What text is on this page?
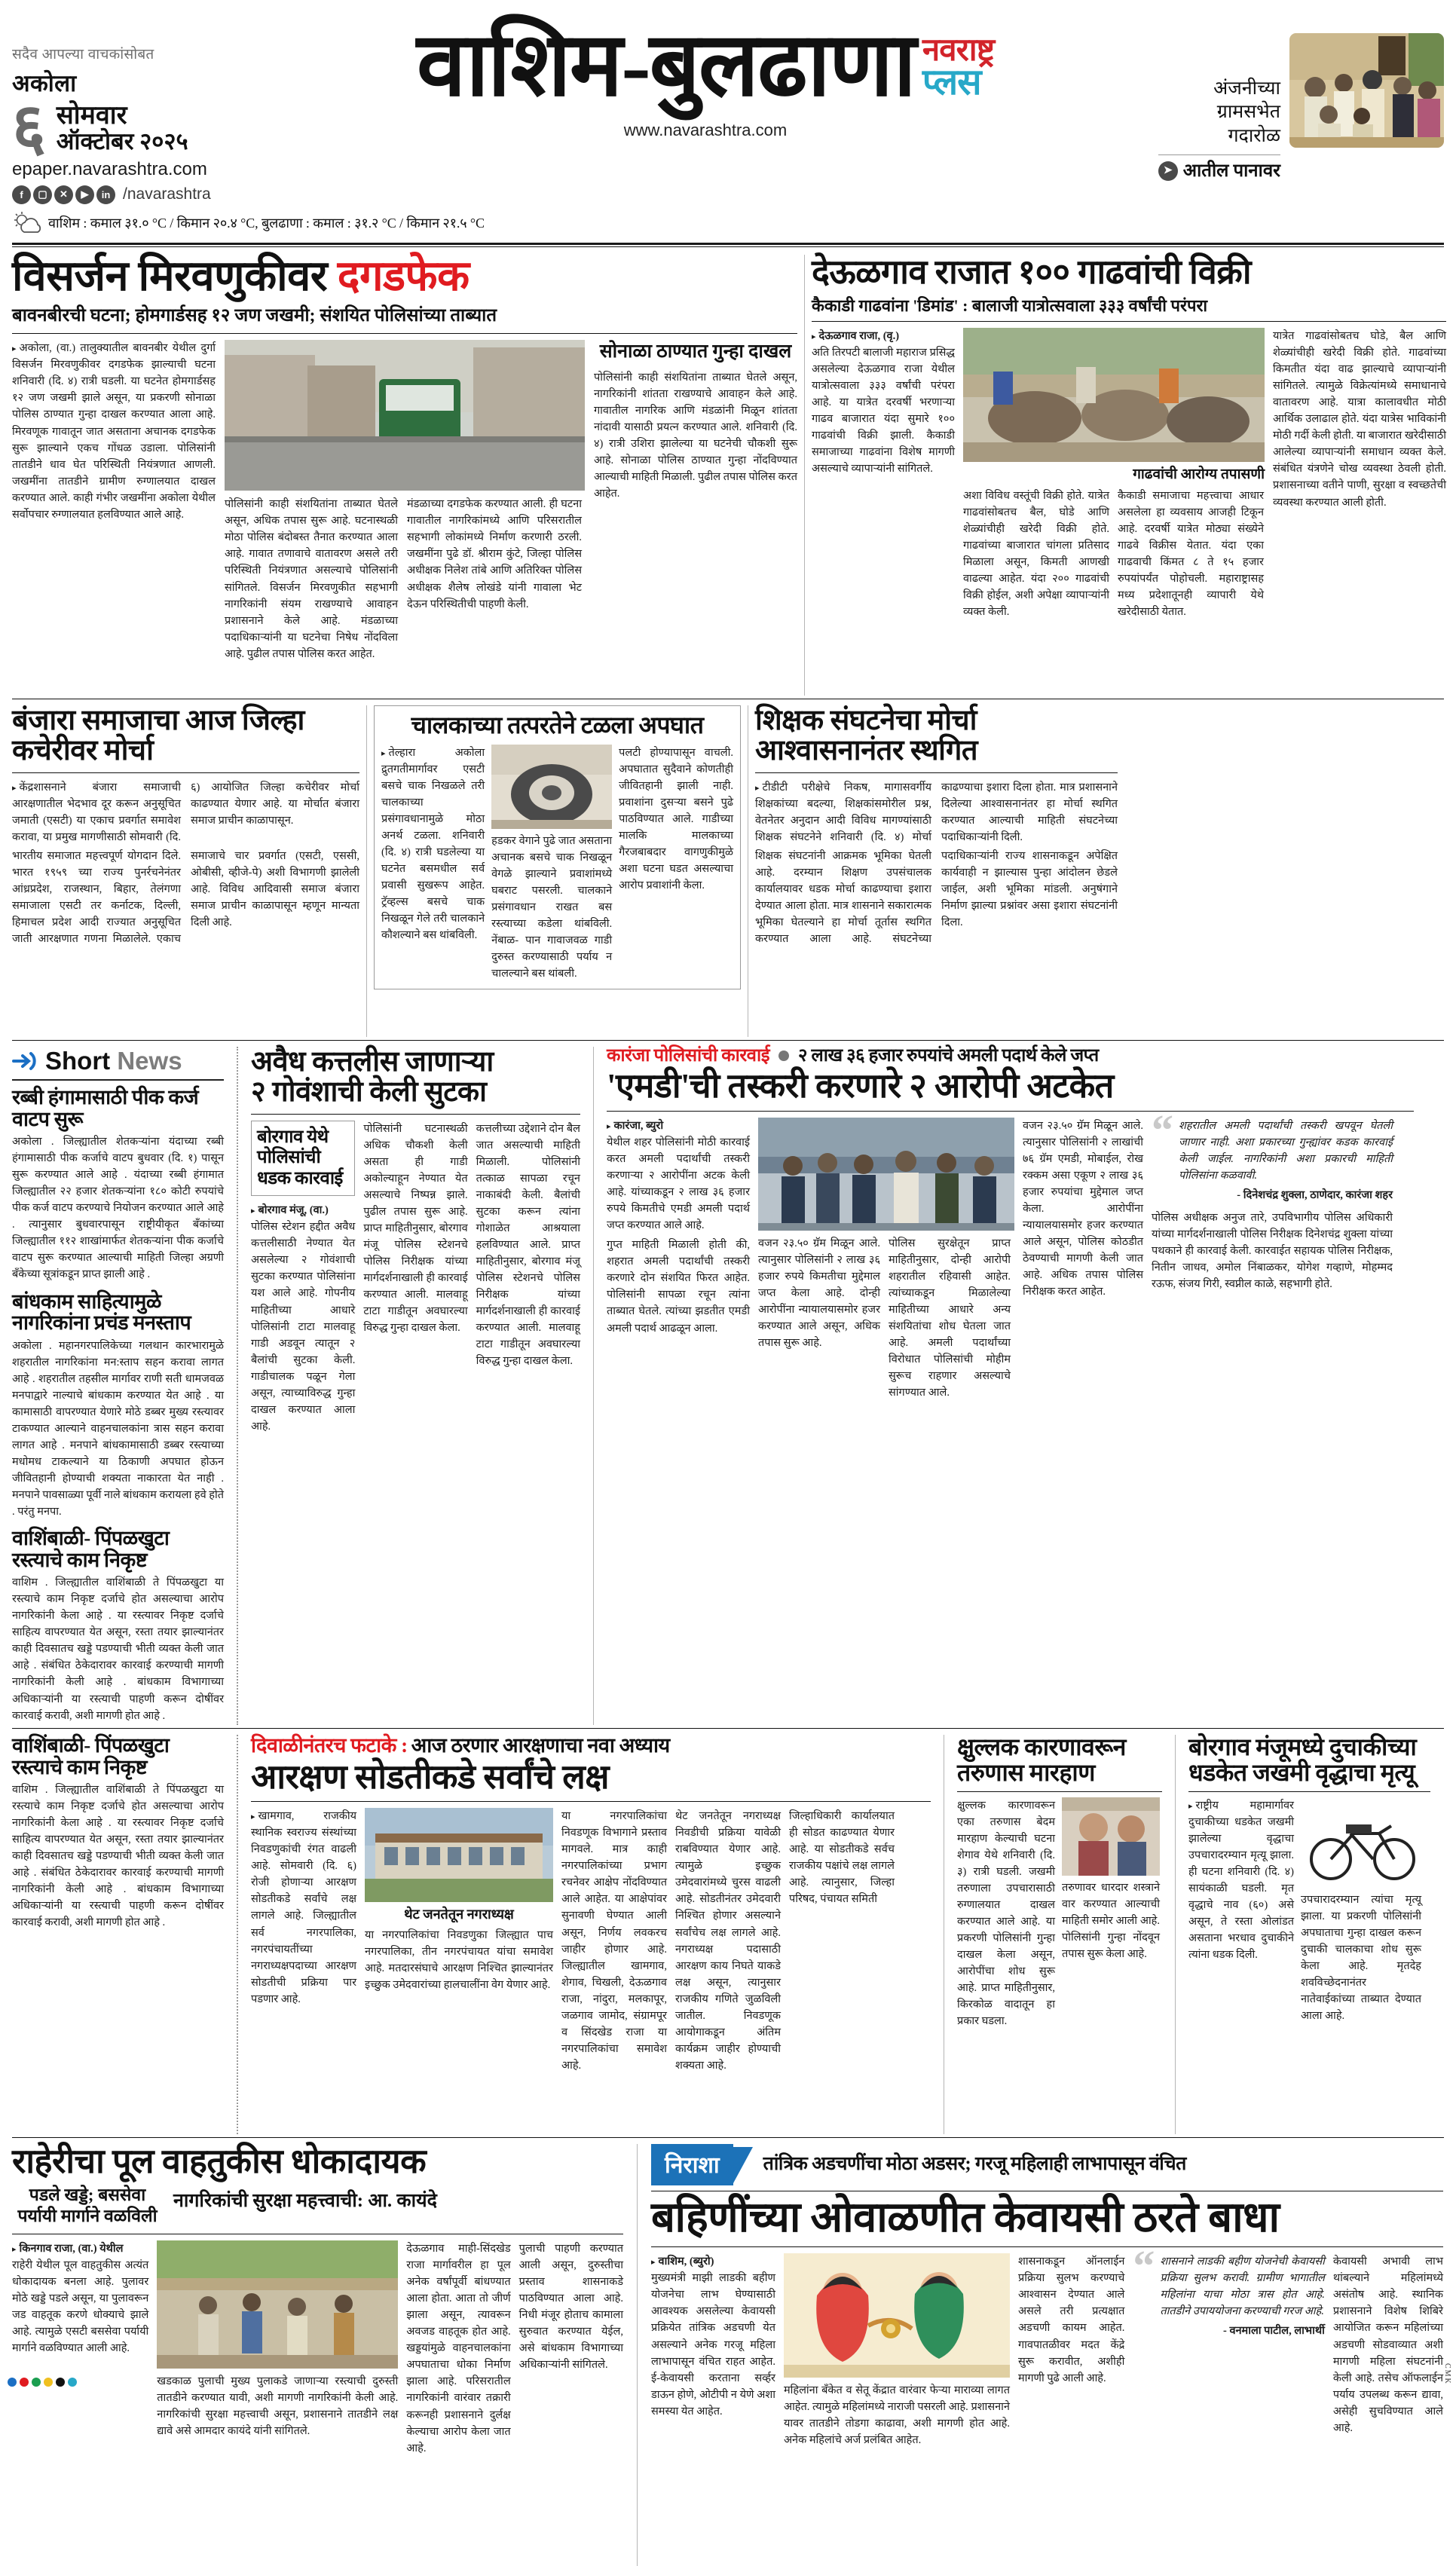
सदैव आपल्या वाचकांसोबत
अकोला
६ सोमवार
ऑक्टोबर २०२५
epaper.navarashtra.com
f	▢	✕	▶	in /navarashtra
वाशिम : कमाल ३१.० °C / किमान २०.४ °C, बुलढाणा : कमाल : ३१.२ °C / किमान २१.५ °C
वाशिम-बुलढाणा नवराष्ट्र
प्लस
www.navarashtra.com
अंजनीच्या
ग्रामसभेत
गदारोळ
➤ आतील पानावर
विसर्जन मिरवणुकीवर दगडफेक
बावनबीरची घटना; होमगार्डसह १२ जण जखमी; संशयित पोलिसांच्या ताब्यात
▸ अकोला, (वा.) तालुक्यातील बावनबीर येथील दुर्गा विसर्जन मिरवणुकीवर दगडफेक झाल्याची घटना शनिवारी (दि. ४) रात्री घडली. या घटनेत होमगार्डसह १२ जण जखमी झाले असून, या प्रकरणी सोनाळा पोलिस ठाण्यात गुन्हा दाखल करण्यात आला आहे. मिरवणूक गावातून जात असताना अचानक दगडफेक सुरू झाल्याने एकच गोंधळ उडाला. पोलिसांनी तातडीने धाव घेत परिस्थिती नियंत्रणात आणली. जखमींना तातडीने ग्रामीण रुग्णालयात दाखल करण्यात आले. काही गंभीर जखमींना अकोला येथील सर्वोपचार रुग्णालयात हलविण्यात आले आहे.
पोलिसांनी काही संशयितांना ताब्यात घेतले असून, अधिक तपास सुरू आहे. घटनास्थळी मोठा पोलिस बंदोबस्त तैनात करण्यात आला आहे. गावात तणावाचे वातावरण असले तरी परिस्थिती नियंत्रणात असल्याचे पोलिसांनी सांगितले. विसर्जन मिरवणुकीत सहभागी नागरिकांनी संयम राखण्याचे आवाहन प्रशासनाने केले आहे. मंडळाच्या पदाधिकाऱ्यांनी या घटनेचा निषेध नोंदविला आहे. पुढील तपास पोलिस करत आहेत.
मंडळाच्या दगडफेक करण्यात आली. ही घटना गावातील नागरिकांमध्ये आणि परिसरातील सहभागी लोकांमध्ये निर्माण करणारी ठरली. जखमींना पुढे डॉ. श्रीराम कुंटे, जिल्हा पोलिस अधीक्षक निलेश तांबे आणि अतिरिक्त पोलिस अधीक्षक शैलेष लोखंडे यांनी गावाला भेट देऊन परिस्थितीची पाहणी केली.
सोनाळा ठाण्यात गुन्हा दाखल
पोलिसांनी काही संशयितांना ताब्यात घेतले असून, नागरिकांनी शांतता राखण्याचे आवाहन केले आहे. गावातील नागरिक आणि मंडळांनी मिळून शांतता नांदावी यासाठी प्रयत्न करण्यात आले. शनिवारी (दि. ४) रात्री उशिरा झालेल्या या घटनेची चौकशी सुरू आहे. सोनाळा पोलिस ठाण्यात गुन्हा नोंदविण्यात आल्याची माहिती मिळाली. पुढील तपास पोलिस करत आहेत.
देऊळगाव राजात १०० गाढवांची विक्री
कैकाडी गाढवांना 'डिमांड' : बालाजी यात्रोत्सवाला ३३३ वर्षांची परंपरा
▸ देऊळगाव राजा, (वृ.)
अति तिरपटी बालाजी महाराज प्रसिद्ध असलेल्या देऊळगाव राजा येथील यात्रोत्सवाला ३३३ वर्षांची परंपरा आहे. या यात्रेत दरवर्षी भरणाऱ्या गाढव बाजारात यंदा सुमारे १०० गाढवांची विक्री झाली. कैकाडी समाजाच्या गाढवांना विशेष मागणी असल्याचे व्यापाऱ्यांनी सांगितले.	गाढवांची आरोग्य तपासणी
अशा विविध वस्तूंची विक्री होते. यात्रेत गाढवांसोबतच बैल, घोडे आणि शेळ्यांचीही खरेदी विक्री होते. गाढवांच्या बाजारात चांगला प्रतिसाद मिळाला असून, किमती आणखी वाढल्या आहेत. यंदा २०० गाढवांची विक्री होईल, अशी अपेक्षा व्यापाऱ्यांनी व्यक्त केली.
कैकाडी समाजाचा महत्त्वाचा आधार असलेला हा व्यवसाय आजही टिकून आहे. दरवर्षी यात्रेत मोठ्या संख्येने गाढवे विक्रीस येतात. यंदा एका गाढवाची किंमत ८ ते १५ हजार रुपयांपर्यंत पोहोचली. महाराष्ट्रासह मध्य प्रदेशातूनही व्यापारी येथे खरेदीसाठी येतात.
यात्रेत गाढवांसोबतच घोडे, बैल आणि शेळ्यांचीही खरेदी विक्री होते. गाढवांच्या किमतीत यंदा वाढ झाल्याचे व्यापाऱ्यांनी सांगितले. त्यामुळे विक्रेत्यांमध्ये समाधानाचे वातावरण आहे. यात्रा कालावधीत मोठी आर्थिक उलाढाल होते. यंदा यात्रेस भाविकांनी मोठी गर्दी केली होती. या बाजारात खरेदीसाठी आलेल्या व्यापाऱ्यांनी समाधान व्यक्त केले. संबंधित यंत्रणेने चोख व्यवस्था ठेवली होती. प्रशासनाच्या वतीने पाणी, सुरक्षा व स्वच्छतेची व्यवस्था करण्यात आली होती.
बंजारा समाजाचा आज जिल्हा कचेरीवर मोर्चा
▸ केंद्रशासनाने बंजारा समाजाची आरक्षणातील भेदभाव दूर करून अनुसूचित जमाती (एसटी) या एकाच प्रवर्गात समावेश करावा, या प्रमुख मागणीसाठी सोमवारी (दि. ६) आयोजित जिल्हा कचेरीवर मोर्चा काढण्यात येणार आहे. या मोर्चात बंजारा समाज प्राचीन काळापासून.
भारतीय समाजात महत्त्वपूर्ण योगदान दिले. भारत १९५९ च्या राज्य पुनर्रचनेनंतर आंध्रप्रदेश, राजस्थान, बिहार, तेलंगणा समाजाला एसटी तर कर्नाटक, दिल्ली, हिमाचल प्रदेश आदी राज्यात अनुसूचित जाती आरक्षणात गणना मिळालेले. एकाच समाजाचे चार प्रवर्गात (एसटी, एससी, ओबीसी, व्हीजे-पे) अशी विभागणी झालेली आहे. विविध आदिवासी समाज बंजारा समाज प्राचीन काळापासून म्हणून मान्यता दिली आहे.
चालकाच्या तत्परतेने टळला अपघात
▸ तेल्हारा अकोला द्रुतगतीमार्गावर एसटी बसचे चाक निखळले तरी चालकाच्या प्रसंगावधानामुळे मोठा अनर्थ टळला. शनिवारी (दि. ४) रात्री घडलेल्या या घटनेत बसमधील सर्व प्रवासी सुखरूप आहेत. ट्रॅव्हल्स बसचे चाक निखळून गेले तरी चालकाने कौशल्याने बस थांबविली.
हडकर वेगाने पुढे जात असताना अचानक बसचे चाक निखळून वेगळे झाल्याने प्रवाशांमध्ये घबराट पसरली. चालकाने प्रसंगावधान राखत बस रस्त्याच्या कडेला थांबविली. नेंबाळ- पान गावाजवळ गाडी दुरुस्त करण्यासाठी पर्याय न चालल्याने बस थांबली.
पलटी होण्यापासून वाचली. अपघातात सुदैवाने कोणतीही जीवितहानी झाली नाही. प्रवाशांना दुसऱ्या बसने पुढे पाठविण्यात आले. गाडीच्या मालकि मालकाच्या गैरजबाबदार वागणुकीमुळे अशा घटना घडत असल्याचा आरोप प्रवाशांनी केला.
शिक्षक संघटनेचा मोर्चा आश्वासनानंतर स्थगित
▸ टीडीटी परीक्षेचे निकष, मागासवर्गीय शिक्षकांच्या बदल्या, शिक्षकांसमोरील प्रश्न, वेतनेतर अनुदान आदी विविध मागण्यांसाठी शिक्षक संघटनेने शनिवारी (दि. ४) मोर्चा काढण्याचा इशारा दिला होता. मात्र प्रशासनाने दिलेल्या आश्वासनानंतर हा मोर्चा स्थगित करण्यात आल्याची माहिती संघटनेच्या पदाधिकाऱ्यांनी दिली.
शिक्षक संघटनांनी आक्रमक भूमिका घेतली आहे. दरम्यान शिक्षण उपसंचालक कार्यालयावर धडक मोर्चा काढण्याचा इशारा देण्यात आला होता. मात्र शासनाने सकारात्मक भूमिका घेतल्याने हा मोर्चा तूर्तास स्थगित करण्यात आला आहे. संघटनेच्या पदाधिकाऱ्यांनी राज्य शासनाकडून अपेक्षित कार्यवाही न झाल्यास पुन्हा आंदोलन छेडले जाईल, अशी भूमिका मांडली. अनुषंगाने निर्माण झाल्या प्रश्नांवर असा इशारा संघटनांनी दिला.
Short News
रब्बी हंगामासाठी पीक कर्ज वाटप सुरू
अकोला . जिल्ह्यातील शेतकऱ्यांना यंदाच्या रब्बी हंगामासाठी पीक कर्जाचे वाटप बुधवार (दि. १) पासून सुरू करण्यात आले आहे . यंदाच्या रब्बी हंगामात जिल्ह्यातील २२ हजार शेतकऱ्यांना १८० कोटी रुपयांचे पीक कर्ज वाटप करण्याचे नियोजन करण्यात आले आहे . त्यानुसार बुधवारपासून राष्ट्रीयीकृत बँकांच्या जिल्ह्यातील ११२ शाखांमार्फत शेतकऱ्यांना पीक कर्जाचे वाटप सुरू करण्यात आल्याची माहिती जिल्हा अग्रणी बँकेच्या सूत्रांकडून प्राप्त झाली आहे .
बांधकाम साहित्यामुळे नागरिकांना प्रचंड मनस्ताप
अकोला . महानगरपालिकेच्या गलथान कारभारामुळे शहरातील नागरिकांना मन:स्ताप सहन करावा लागत आहे . शहरातील तहसील मार्गावर राणी सती धामजवळ मनपाद्वारे नाल्याचे बांधकाम करण्यात येत आहे . या कामासाठी वापरण्यात येणारे मोठे डब्बर मुख्य रस्त्यावर टाकण्यात आल्याने वाहनचालकांना त्रास सहन करावा लागत आहे . मनपाने बांधकामासाठी डब्बर रस्त्याच्या मधोमध टाकल्याने या ठिकाणी अपघात होऊन जीवितहानी होण्याची शक्यता नाकारता येत नाही . मनपाने पावसाळ्या पूर्वी नाले बांधकाम करायला हवे होते . परंतु मनपा.
वाशिंबाळी- पिंपळखुटा रस्त्याचे काम निकृष्ट
वाशिम . जिल्ह्यातील वाशिंबाळी ते पिंपळखुटा या रस्त्याचे काम निकृष्ट दर्जाचे होत असल्याचा आरोप नागरिकांनी केला आहे . या रस्त्यावर निकृष्ट दर्जाचे साहित्य वापरण्यात येत असून, रस्ता तयार झाल्यानंतर काही दिवसातच खड्डे पडण्याची भीती व्यक्त केली जात आहे . संबंधित ठेकेदारावर कारवाई करण्याची मागणी नागरिकांनी केली आहे . बांधकाम विभागाच्या अधिकाऱ्यांनी या रस्त्याची पाहणी करून दोषींवर कारवाई करावी, अशी मागणी होत आहे .
अवैध कत्तलीस जाणाऱ्या
२ गोवंशाची केली सुटका
बोरगाव येथे पोलिसांची धडक कारवाई
▸ बोरगाव मंजू, (वा.)
पोलिस स्टेशन हद्दीत अवैध कत्तलीसाठी नेण्यात येत असलेल्या २ गोवंशाची सुटका करण्यात पोलिसांना यश आले आहे. गोपनीय माहितीच्या आधारे पोलिसांनी टाटा मालवाहू गाडी अडवून त्यातून २ बैलांची सुटका केली. गाडीचालक पळून गेला असून, त्याच्याविरुद्ध गुन्हा दाखल करण्यात आला आहे.
पोलिसांनी घटनास्थळी अधिक चौकशी केली असता ही गाडी अकोल्याहून नेण्यात येत असल्याचे निष्पन्न झाले. पुढील तपास सुरू आहे. प्राप्त माहितीनुसार, बोरगाव मंजू पोलिस स्टेशनचे पोलिस निरीक्षक यांच्या मार्गदर्शनाखाली ही कारवाई करण्यात आली. मालवाहू टाटा गाडीतून अवघारल्या विरुद्ध गुन्हा दाखल केला.
कत्तलीच्या उद्देशाने दोन बैल जात असल्याची माहिती मिळाली. पोलिसांनी तत्काळ सापळा रचून नाकाबंदी केली. बैलांची सुटका करून त्यांना गोशाळेत आश्रयाला हलविण्यात आले. प्राप्त माहितीनुसार, बोरगाव मंजू पोलिस स्टेशनचे पोलिस निरीक्षक यांच्या मार्गदर्शनाखाली ही कारवाई करण्यात आली. मालवाहू टाटा गाडीतून अवघारल्या विरुद्ध गुन्हा दाखल केला.
कारंजा पोलिसांची कारवाई २ लाख ३६ हजार रुपयांचे अमली पदार्थ केले जप्त
'एमडी'ची तस्करी करणारे २ आरोपी अटकेत
▸ कारंजा, ब्युरो
येथील शहर पोलिसांनी मोठी कारवाई करत अमली पदार्थांची तस्करी करणाऱ्या २ आरोपींना अटक केली आहे. यांच्याकडून २ लाख ३६ हजार रुपये किमतीचे एमडी अमली पदार्थ जप्त करण्यात आले आहे.
गुप्त माहिती मिळाली होती की, शहरात अमली पदार्थांची तस्करी करणारे दोन संशयित फिरत आहेत. पोलिसांनी सापळा रचून त्यांना ताब्यात घेतले. त्यांच्या झडतीत एमडी अमली पदार्थ आढळून आला.
वजन २३.५० ग्रॅम मिळून आले. त्यानुसार पोलिसांनी २ लाख ३६ हजार रुपये किमतीचा मुद्देमाल जप्त केला आहे. दोन्ही आरोपींना न्यायालयासमोर हजर करण्यात आले असून, अधिक तपास सुरू आहे.
पोलिस सुरक्षेतून प्राप्त माहितीनुसार, दोन्ही आरोपी शहरातील रहिवासी आहेत. त्यांच्याकडून मिळालेल्या माहितीच्या आधारे अन्य संशयितांचा शोध घेतला जात आहे. अमली पदार्थांच्या विरोधात पोलिसांची मोहीम सुरूच राहणार असल्याचे सांगण्यात आले.
वजन २३.५० ग्रॅम मिळून आले. त्यानुसार पोलिसांनी २ लाखांची ७६ ग्रॅम एमडी, मोबाईल, रोख रक्कम असा एकूण २ लाख ३६ हजार रुपयांचा मुद्देमाल जप्त केला. आरोपींना न्यायालयासमोर हजर करण्यात आले असून, पोलिस कोठडीत ठेवण्याची मागणी केली जात आहे. अधिक तपास पोलिस निरीक्षक करत आहेत.
“ शहरातील अमली पदार्थांची तस्करी खपवून घेतली जाणार नाही. अशा प्रकारच्या गुन्ह्यांवर कडक कारवाई केली जाईल. नागरिकांनी अशा प्रकारची माहिती पोलिसांना कळवावी.
- दिनेशचंद्र शुक्ला, ठाणेदार, कारंजा शहर
पोलिस अधीक्षक अनुज तारे, उपविभागीय पोलिस अधिकारी यांच्या मार्गदर्शनाखाली पोलिस निरीक्षक दिनेशचंद्र शुक्ला यांच्या पथकाने ही कारवाई केली. कारवाईत सहायक पोलिस निरीक्षक, नितीन जाधव, अमोल निंबाळकर, योगेश गव्हाणे, मोहम्मद रऊफ, संजय गिरी, स्वप्नील काळे, सहभागी होते.
वाशिंबाळी- पिंपळखुटा रस्त्याचे काम निकृष्ट
वाशिम . जिल्ह्यातील वाशिंबाळी ते पिंपळखुटा या रस्त्याचे काम निकृष्ट दर्जाचे होत असल्याचा आरोप नागरिकांनी केला आहे . या रस्त्यावर निकृष्ट दर्जाचे साहित्य वापरण्यात येत असून, रस्ता तयार झाल्यानंतर काही दिवसातच खड्डे पडण्याची भीती व्यक्त केली जात आहे . संबंधित ठेकेदारावर कारवाई करण्याची मागणी नागरिकांनी केली आहे . बांधकाम विभागाच्या अधिकाऱ्यांनी या रस्त्याची पाहणी करून दोषींवर कारवाई करावी, अशी मागणी होत आहे .
दिवाळीनंतरच फटाके : आज ठरणार आरक्षणाचा नवा अध्याय
आरक्षण सोडतीकडे सर्वांचे लक्ष
▸ खामगाव, राजकीय स्थानिक स्वराज्य संस्थांच्या निवडणुकांची रंगत वाढली आहे. सोमवारी (दि. ६) रोजी होणाऱ्या आरक्षण सोडतीकडे सर्वांचे लक्ष लागले आहे. जिल्ह्यातील सर्व नगरपालिका, नगरपंचायतींच्या नगराध्यक्षपदाच्या आरक्षण सोडतीची प्रक्रिया पार पडणार आहे.
थेट जनतेतून नगराध्यक्ष
या नगरपालिकांचा निवडणुका जिल्ह्यात पाच नगरपालिका, तीन नगरपंचायत यांचा समावेश आहे. मतदारसंघाचे आरक्षण निश्चित झाल्यानंतर इच्छुक उमेदवारांच्या हालचालींना वेग येणार आहे.
या नगरपालिकांचा निवडणूक विभागाने प्रस्ताव मागवले. मात्र काही नगरपालिकांच्या प्रभाग रचनेवर आक्षेप नोंदविण्यात आले आहेत. या आक्षेपांवर सुनावणी घेण्यात आली असून, निर्णय लवकरच जाहीर होणार आहे. जिल्ह्यातील खामगाव, शेगाव, चिखली, देऊळगाव राजा, नांदुरा, मलकापूर, जळगाव जामोद, संग्रामपूर व सिंदखेड राजा या नगरपालिकांचा समावेश आहे.
थेट जनतेतून नगराध्यक्ष निवडीची प्रक्रिया यावेळी राबविण्यात येणार आहे. त्यामुळे इच्छुक उमेदवारांमध्ये चुरस वाढली आहे. सोडतीनंतर उमेदवारी निश्चित होणार असल्याने सर्वांचेच लक्ष लागले आहे. नगराध्यक्ष पदासाठी आरक्षण काय निघते याकडे लक्ष असून, त्यानुसार राजकीय गणिते जुळविली जातील. निवडणूक आयोगाकडून अंतिम कार्यक्रम जाहीर होण्याची शक्यता आहे.
जिल्हाधिकारी कार्यालयात ही सोडत काढण्यात येणार आहे. या सोडतीकडे सर्वच राजकीय पक्षांचे लक्ष लागले आहे. त्यानुसार, जिल्हा परिषद, पंचायत समिती
क्षुल्लक कारणावरून
तरुणास मारहाण
क्षुल्लक कारणावरून एका तरुणास बेदम मारहाण केल्याची घटना शेगाव येथे शनिवारी (दि. ३) रात्री घडली. जखमी तरुणाला उपचारासाठी रुग्णालयात दाखल करण्यात आले आहे. या प्रकरणी पोलिसांनी गुन्हा दाखल केला असून, आरोपींचा शोध सुरू आहे. प्राप्त माहितीनुसार, किरकोळ वादातून हा प्रकार घडला.
तरुणावर धारदार शस्त्राने वार करण्यात आल्याची माहिती समोर आली आहे. पोलिसांनी गुन्हा नोंदवून तपास सुरू केला आहे.
बोरगाव मंजूमध्ये दुचाकीच्या धडकेत जखमी वृद्धाचा मृत्यू
▸ राष्ट्रीय महामार्गावर दुचाकीच्या धडकेत जखमी झालेल्या वृद्धाचा उपचारादरम्यान मृत्यू झाला. ही घटना शनिवारी (दि. ४) सायंकाळी घडली. मृत वृद्धाचे नाव (६०) असे असून, ते रस्ता ओलांडत असताना भरधाव दुचाकीने त्यांना धडक दिली.
उपचारादरम्यान त्यांचा मृत्यू झाला. या प्रकरणी पोलिसांनी अपघाताचा गुन्हा दाखल करून दुचाकी चालकाचा शोध सुरू केला आहे. मृतदेह शवविच्छेदनानंतर नातेवाईकांच्या ताब्यात देण्यात आला आहे.
राहेरीचा पूल वाहतुकीस धोकादायक
पडले खड्डे; बससेवा
पर्यायी मार्गाने वळविली
नागरिकांची सुरक्षा महत्त्वाची: आ. कायंदे
▸ किनगाव राजा, (वा.) येथील
राहेरी येथील पूल वाहतुकीस अत्यंत धोकादायक बनला आहे. पुलावर मोठे खड्डे पडले असून, या पुलावरून जड वाहतूक करणे धोक्याचे झाले आहे. त्यामुळे एसटी बससेवा पर्यायी मार्गाने वळविण्यात आली आहे.
खडकाळ पुलाची मुख्य पुलाकडे जाणाऱ्या रस्त्याची दुरुस्ती तातडीने करण्यात यावी, अशी मागणी नागरिकांनी केली आहे. नागरिकांची सुरक्षा महत्त्वाची असून, प्रशासनाने तातडीने लक्ष द्यावे असे आमदार कायंदे यांनी सांगितले.
देऊळगाव माही-सिंदखेड राजा मार्गावरील हा पूल अनेक वर्षांपूर्वी बांधण्यात आला होता. आता तो जीर्ण झाला असून, त्यावरून अवजड वाहतूक होत आहे. खड्डयांमुळे वाहनचालकांना अपघाताचा धोका निर्माण झाला आहे. परिसरातील नागरिकांनी वारंवार तक्रारी करूनही प्रशासनाने दुर्लक्ष केल्याचा आरोप केला जात आहे.
पुलाची पाहणी करण्यात आली असून, दुरुस्तीचा प्रस्ताव शासनाकडे पाठविण्यात आला आहे. निधी मंजूर होताच कामाला सुरुवात करण्यात येईल, असे बांधकाम विभागाच्या अधिकाऱ्यांनी सांगितले.
निराशा	तांत्रिक अडचणींचा मोठा अडसर; गरजू महिलाही लाभापासून वंचित
बहिणींच्या ओवाळणीत केवायसी ठरते बाधा
▸ वाशिम, (ब्युरो)
मुख्यमंत्री माझी लाडकी बहीण योजनेचा लाभ घेण्यासाठी आवश्यक असलेल्या केवायसी प्रक्रियेत तांत्रिक अडचणी येत असल्याने अनेक गरजू महिला लाभापासून वंचित राहत आहेत. ई-केवायसी करताना सर्व्हर डाऊन होणे, ओटीपी न येणे अशा समस्या येत आहेत.
महिलांना बँकेत व सेतू केंद्रात वारंवार फेऱ्या माराव्या लागत आहेत. त्यामुळे महिलांमध्ये नाराजी पसरली आहे. प्रशासनाने यावर तातडीने तोडगा काढावा, अशी मागणी होत आहे. अनेक महिलांचे अर्ज प्रलंबित आहेत.
शासनाकडून ऑनलाईन प्रक्रिया सुलभ करण्याचे आश्वासन देण्यात आले असले तरी प्रत्यक्षात अडचणी कायम आहेत. गावपातळीवर मदत केंद्रे सुरू करावीत, अशीही मागणी पुढे आली आहे.
“ शासनाने लाडकी बहीण योजनेची केवायसी प्रक्रिया सुलभ करावी. ग्रामीण भागातील महिलांना याचा मोठा त्रास होत आहे. तातडीने उपाययोजना करण्याची गरज आहे.
- वनमाला पाटील, लाभार्थी
केवायसी अभावी लाभ थांबल्याने महिलांमध्ये असंतोष आहे. स्थानिक प्रशासनाने विशेष शिबिरे आयोजित करून महिलांच्या अडचणी सोडवाव्यात अशी मागणी महिला संघटनांनी केली आहे. तसेच ऑफलाईन पर्याय उपलब्ध करून द्यावा, असेही सुचविण्यात आले आहे.
CMK
